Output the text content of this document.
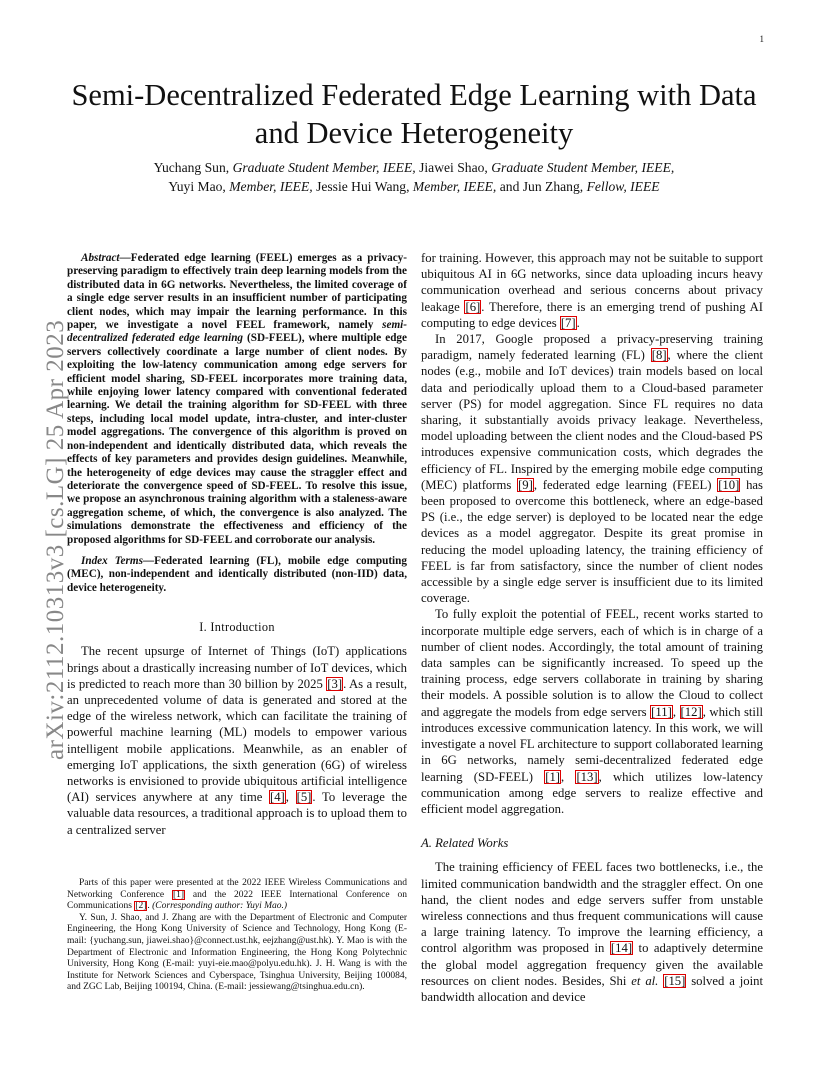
1
arXiv:2112.10313v3 [cs.LG] 25 Apr 2023
Semi-Decentralized Federated Edge Learning with Data and Device Heterogeneity
Yuchang Sun, Graduate Student Member, IEEE, Jiawei Shao, Graduate Student Member, IEEE,
Yuyi Mao, Member, IEEE, Jessie Hui Wang, Member, IEEE, and Jun Zhang, Fellow, IEEE

Abstract—Federated edge learning (FEEL) emerges as a privacy-preserving paradigm to effectively train deep learning models from the distributed data in 6G networks. Nevertheless, the limited coverage of a single edge server results in an insufficient number of participating client nodes, which may impair the learning performance. In this paper, we investigate a novel FEEL framework, namely semi-decentralized federated edge learning (SD-FEEL), where multiple edge servers collectively coordinate a large number of client nodes. By exploiting the low-latency communication among edge servers for efficient model sharing, SD-FEEL incorporates more training data, while enjoying lower latency compared with conventional federated learning. We detail the training algorithm for SD-FEEL with three steps, including local model update, intra-cluster, and inter-cluster model aggregations. The convergence of this algorithm is proved on non-independent and identically distributed data, which reveals the effects of key parameters and provides design guidelines. Meanwhile, the heterogeneity of edge devices may cause the straggler effect and deteriorate the convergence speed of SD-FEEL. To resolve this issue, we propose an asynchronous training algorithm with a staleness-aware aggregation scheme, of which, the convergence is also analyzed. The simulations demonstrate the effectiveness and efficiency of the proposed algorithms for SD-FEEL and corroborate our analysis.

Index Terms—Federated learning (FL), mobile edge computing (MEC), non-independent and identically distributed (non-IID) data, device heterogeneity.

I. Introduction

The recent upsurge of Internet of Things (IoT) applications brings about a drastically increasing number of IoT devices, which is predicted to reach more than 30 billion by 2025 [3]. As a result, an unprecedented volume of data is generated and stored at the edge of the wireless network, which can facilitate the training of powerful machine learning (ML) models to empower various intelligent mobile applications. Meanwhile, as an enabler of emerging IoT applications, the sixth generation (6G) of wireless networks is envisioned to provide ubiquitous artificial intelligence (AI) services anywhere at any time [4], [5]. To leverage the valuable data resources, a traditional approach is to upload them to a centralized server

Parts of this paper were presented at the 2022 IEEE Wireless Communications and Networking Conference [1] and the 2022 IEEE International Conference on Communications [2]. (Corresponding author: Yuyi Mao.)

Y. Sun, J. Shao, and J. Zhang are with the Department of Electronic and Computer Engineering, the Hong Kong University of Science and Technology, Hong Kong (E-mail: {yuchang.sun, jiawei.shao}@connect.ust.hk, eejzhang@ust.hk). Y. Mao is with the Department of Electronic and Information Engineering, the Hong Kong Polytechnic University, Hong Kong (E-mail: yuyi-eie.mao@polyu.edu.hk). J. H. Wang is with the Institute for Network Sciences and Cyberspace, Tsinghua University, Beijing 100084, and ZGC Lab, Beijing 100194, China. (E-mail: jessiewang@tsinghua.edu.cn).

for training. However, this approach may not be suitable to support ubiquitous AI in 6G networks, since data uploading incurs heavy communication overhead and serious concerns about privacy leakage [6]. Therefore, there is an emerging trend of pushing AI computing to edge devices [7].

In 2017, Google proposed a privacy-preserving training paradigm, namely federated learning (FL) [8], where the client nodes (e.g., mobile and IoT devices) train models based on local data and periodically upload them to a Cloud-based parameter server (PS) for model aggregation. Since FL requires no data sharing, it substantially avoids privacy leakage. Nevertheless, model uploading between the client nodes and the Cloud-based PS introduces expensive communication costs, which degrades the efficiency of FL. Inspired by the emerging mobile edge computing (MEC) platforms [9], federated edge learning (FEEL) [10] has been proposed to overcome this bottleneck, where an edge-based PS (i.e., the edge server) is deployed to be located near the edge devices as a model aggregator. Despite its great promise in reducing the model uploading latency, the training efficiency of FEEL is far from satisfactory, since the number of client nodes accessible by a single edge server is insufficient due to its limited coverage.

To fully exploit the potential of FEEL, recent works started to incorporate multiple edge servers, each of which is in charge of a number of client nodes. Accordingly, the total amount of training data samples can be significantly increased. To speed up the training process, edge servers collaborate in training by sharing their models. A possible solution is to allow the Cloud to collect and aggregate the models from edge servers [11], [12], which still introduces excessive communication latency. In this work, we will investigate a novel FL architecture to support collaborated learning in 6G networks, namely semi-decentralized federated edge learning (SD-FEEL) [1], [13], which utilizes low-latency communication among edge servers to realize effective and efficient model aggregation.

A. Related Works

The training efficiency of FEEL faces two bottlenecks, i.e., the limited communication bandwidth and the straggler effect. On one hand, the client nodes and edge servers suffer from unstable wireless connections and thus frequent communications will cause a large training latency. To improve the learning efficiency, a control algorithm was proposed in [14] to adaptively determine the global model aggregation frequency given the available resources on client nodes. Besides, Shi et al. [15] solved a joint bandwidth allocation and device
